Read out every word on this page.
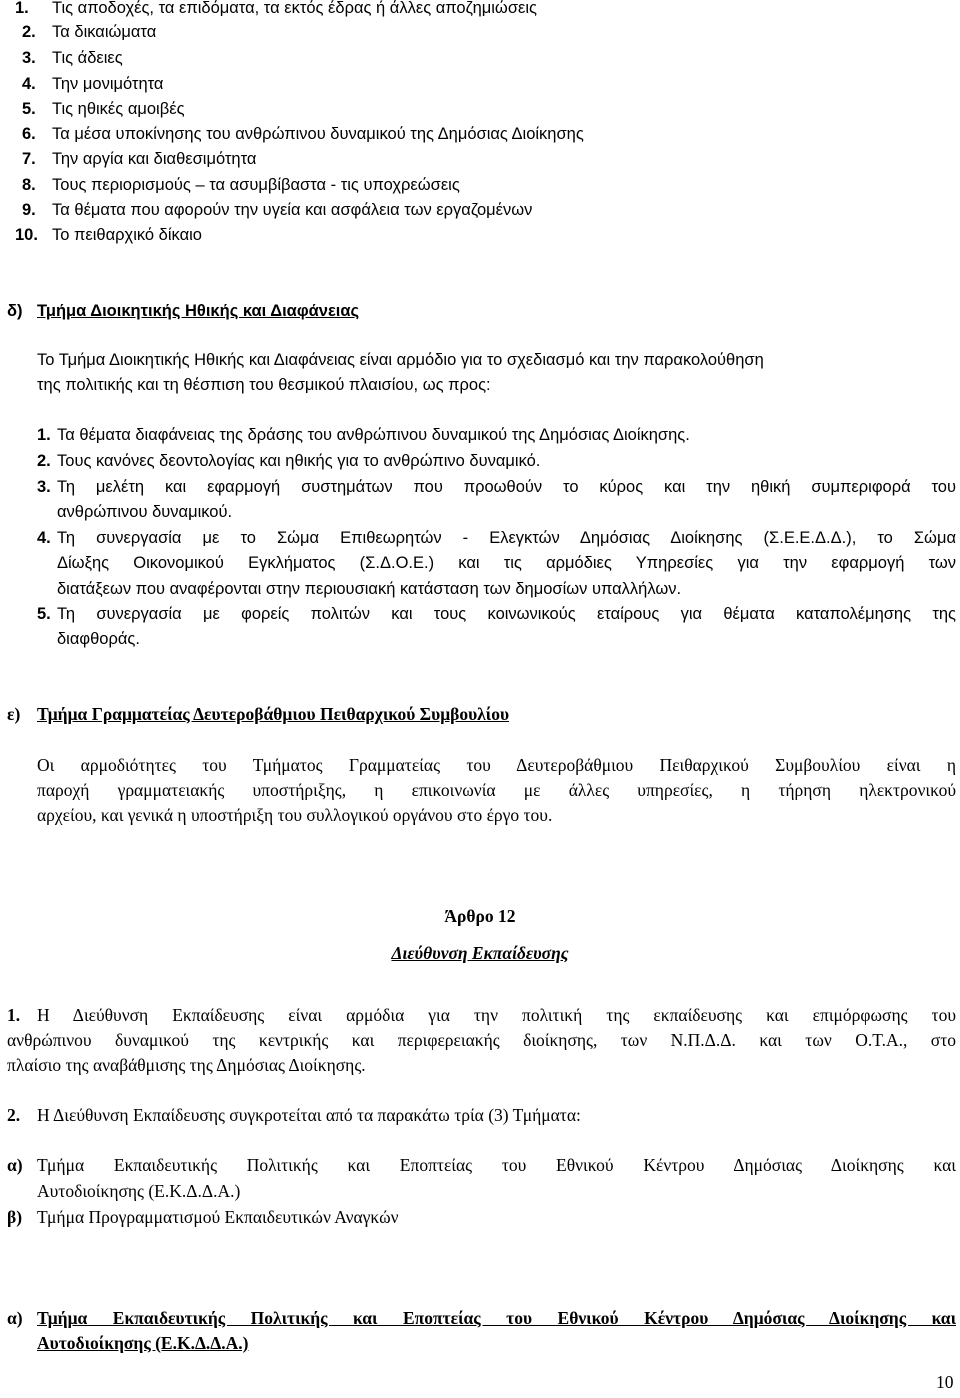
1. Τις αποδοχές, τα επιδόματα, τα εκτός έδρας ή άλλες αποζημιώσεις
2. Τα δικαιώματα
3. Τις άδειες
4. Την μονιμότητα
5. Τις ηθικές αμοιβές
6. Τα μέσα υποκίνησης του ανθρώπινου δυναμικού της Δημόσιας Διοίκησης
7. Την αργία και διαθεσιμότητα
8. Τους περιορισμούς – τα ασυμβίβαστα - τις υποχρεώσεις
9. Τα θέματα που αφορούν την υγεία και ασφάλεια των εργαζομένων
10. Το πειθαρχικό δίκαιο
δ) Τμήμα Διοικητικής Ηθικής και Διαφάνειας
Το Τμήμα Διοικητικής Ηθικής και Διαφάνειας είναι αρμόδιο για το σχεδιασμό και την παρακολούθηση
της πολιτικής και τη θέσπιση του θεσμικού πλαισίου, ως προς:
1. Τα θέματα διαφάνειας της δράσης του ανθρώπινου δυναμικού της Δημόσιας Διοίκησης.
2. Τους κανόνες δεοντολογίας και ηθικής για το ανθρώπινο δυναμικό.
3. Τη μελέτη και εφαρμογή συστημάτων που προωθούν το κύρος και την ηθική συμπεριφορά του
ανθρώπινου δυναμικού.
4. Τη συνεργασία με το Σώμα Επιθεωρητών - Ελεγκτών Δημόσιας Διοίκησης (Σ.Ε.Ε.Δ.Δ.), το Σώμα
Δίωξης Οικονομικού Εγκλήματος (Σ.Δ.Ο.Ε.) και τις αρμόδιες Υπηρεσίες για την εφαρμογή των
διατάξεων που αναφέρονται στην περιουσιακή κατάσταση των δημοσίων υπαλλήλων.
5. Τη συνεργασία με φορείς πολιτών και τους κοινωνικούς εταίρους για θέματα καταπολέμησης της
διαφθοράς.
ε) Τμήμα Γραμματείας Δευτεροβάθμιου Πειθαρχικού Συμβουλίου
Οι αρμοδιότητες του Τμήματος Γραμματείας του Δευτεροβάθμιου Πειθαρχικού Συμβουλίου είναι η
παροχή γραμματειακής υποστήριξης, η επικοινωνία με άλλες υπηρεσίες, η τήρηση ηλεκτρονικού
αρχείου, και γενικά η υποστήριξη του συλλογικού οργάνου στο έργο του.
Άρθρο 12
Διεύθυνση Εκπαίδευσης
1. Η Διεύθυνση Εκπαίδευσης είναι αρμόδια για την πολιτική της εκπαίδευσης και επιμόρφωσης του
ανθρώπινου δυναμικού της κεντρικής και περιφερειακής διοίκησης, των Ν.Π.Δ.Δ. και των Ο.Τ.Α., στο
πλαίσιο της αναβάθμισης της Δημόσιας Διοίκησης.
2. Η Διεύθυνση Εκπαίδευσης συγκροτείται από τα παρακάτω τρία (3) Τμήματα:
α) Τμήμα Εκπαιδευτικής Πολιτικής και Εποπτείας του Εθνικού Κέντρου Δημόσιας Διοίκησης και
Αυτοδιοίκησης (Ε.Κ.Δ.Δ.Α.)
β) Τμήμα Προγραμματισμού Εκπαιδευτικών Αναγκών
α) Τμήμα Εκπαιδευτικής Πολιτικής και Εποπτείας του Εθνικού Κέντρου Δημόσιας Διοίκησης και
Αυτοδιοίκησης (Ε.Κ.Δ.Δ.Α.)
10
